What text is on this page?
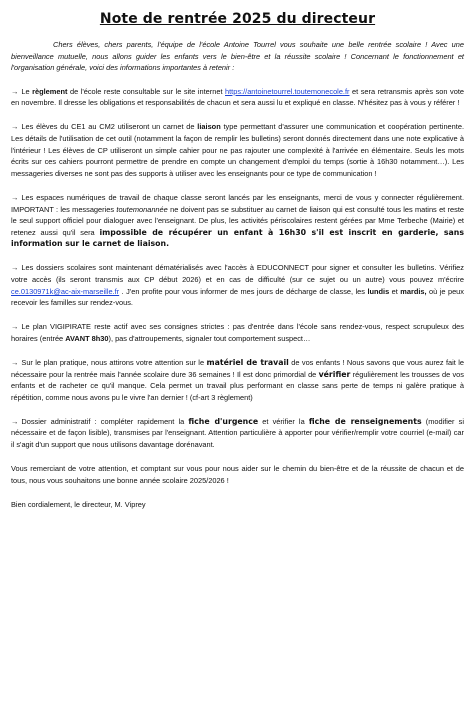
Note de rentrée 2025 du directeur

Chers élèves, chers parents, l'équipe de l'école Antoine Tourrel vous souhaite une belle rentrée scolaire ! Avec une bienveillance mutuelle, nous allons guider les enfants vers le bien-être et la réussite scolaire ! Concernant le fonctionnement et l'organisation générale, voici des informations importantes à retenir :

→ Le règlement de l'école reste consultable sur le site internet https://antoinetourrel.toutemonecole.fr et sera retransmis après son vote en novembre. Il dresse les obligations et responsabilités de chacun et sera aussi lu et expliqué en classe. N'hésitez pas à vous y référer !

→ Les élèves du CE1 au CM2 utiliseront un carnet de liaison type permettant d'assurer une communication et coopération pertinente. Les détails de l'utilisation de cet outil (notamment la façon de remplir les bulletins) seront donnés directement dans une note explicative à l'intérieur ! Les élèves de CP utiliseront un simple cahier pour ne pas rajouter une complexité à l'arrivée en élémentaire. Seuls les mots écrits sur ces cahiers pourront permettre de prendre en compte un changement d'emploi du temps (sortie à 16h30 notamment…). Les messageries diverses ne sont pas des supports à utiliser avec les enseignants pour ce type de communication !

→ Les espaces numériques de travail de chaque classe seront lancés par les enseignants, merci de vous y connecter régulièrement. IMPORTANT : les messageries toutemonannée ne doivent pas se substituer au carnet de liaison qui est consulté tous les matins et reste le seul support officiel pour dialoguer avec l'enseignant. De plus, les activités périscolaires restent gérées par Mme Terbeche (Mairie) et retenez aussi qu'il sera impossible de récupérer un enfant à 16h30 s'il est inscrit en garderie, sans information sur le carnet de liaison.

→ Les dossiers scolaires sont maintenant dématérialisés avec l'accès à EDUCONNECT pour signer et consulter les bulletins. Vérifiez votre accès (ils seront transmis aux CP début 2026) et en cas de difficulté (sur ce sujet ou un autre) vous pouvez m'écrire ce.0130971k@ac-aix-marseille.fr . J'en profite pour vous informer de mes jours de décharge de classe, les lundis et mardis, où je peux recevoir les familles sur rendez-vous.

→ Le plan VIGIPIRATE reste actif avec ses consignes strictes : pas d'entrée dans l'école sans rendez-vous, respect scrupuleux des horaires (entrée AVANT 8h30), pas d'attroupements, signaler tout comportement suspect…

→ Sur le plan pratique, nous attirons votre attention sur le matériel de travail de vos enfants ! Nous savons que vous aurez fait le nécessaire pour la rentrée mais l'année scolaire dure 36 semaines ! Il est donc primordial de vérifier régulièrement les trousses de vos enfants et de racheter ce qu'il manque. Cela permet un travail plus performant en classe sans perte de temps ni galère pratique à répétition, comme nous avons pu le vivre l'an dernier ! (cf-art 3 règlement)

→ Dossier administratif : compléter rapidement la fiche d'urgence et vérifier la fiche de renseignements (modifier si nécessaire et de façon lisible), transmises par l'enseignant. Attention particulière à apporter pour vérifier/remplir votre courriel (e-mail) car il s'agit d'un support que nous utilisons davantage dorénavant.

Vous remerciant de votre attention, et comptant sur vous pour nous aider sur le chemin du bien-être et de la réussite de chacun et de tous, nous vous souhaitons une bonne année scolaire 2025/2026 !

Bien cordialement, le directeur, M. Viprey
